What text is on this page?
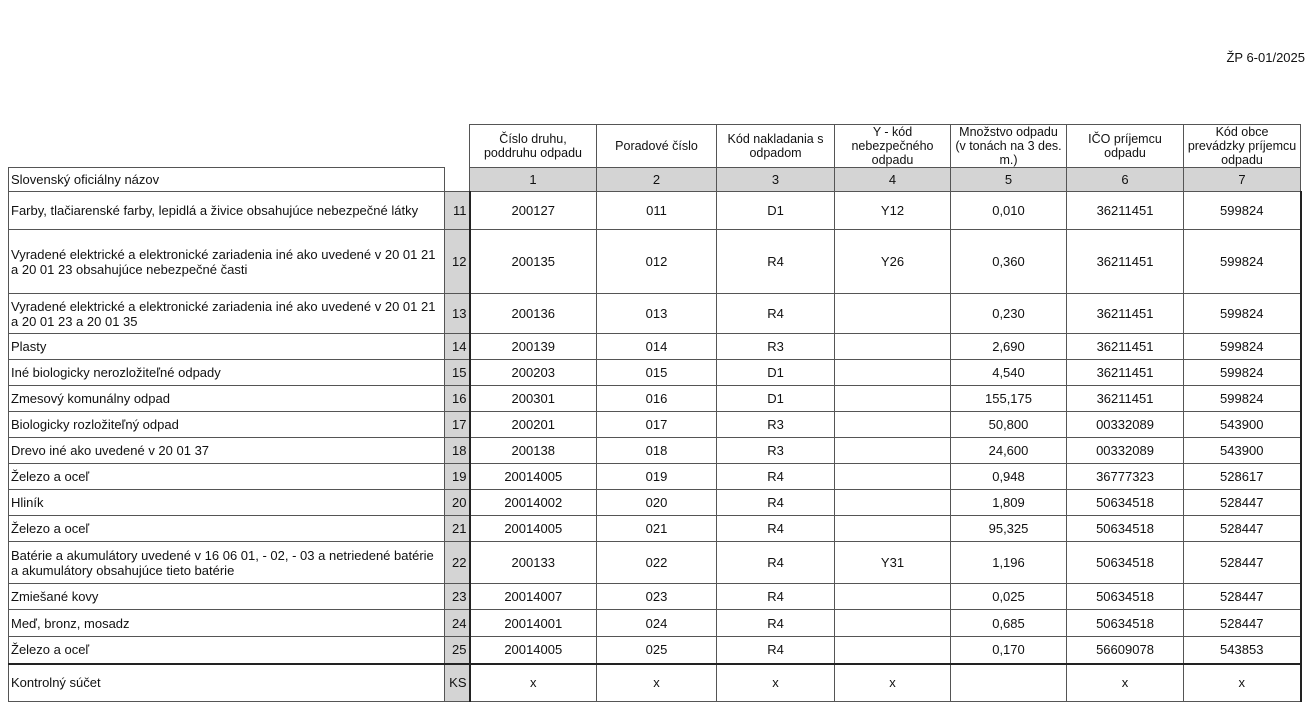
ŽP 6-01/2025
		Číslo druhu, poddruhu odpadu	Poradové číslo	Kód nakladania s odpadom	Y - kód nebezpečného odpadu	Množstvo odpadu (v tonách na 3 des. m.)	IČO príjemcu odpadu	Kód obce prevádzky príjemcu odpadu
Slovenský oficiálny názov		1	2	3	4	5	6	7
Farby, tlačiarenské farby, lepidlá a živice obsahujúce nebezpečné látky	11	200127	011	D1	Y12	0,010	36211451	599824
Vyradené elektrické a elektronické zariadenia iné ako uvedené v 20 01 21 a 20 01 23 obsahujúce nebezpečné časti	12	200135	012	R4	Y26	0,360	36211451	599824
Vyradené elektrické a elektronické zariadenia iné ako uvedené v 20 01 21 a 20 01 23 a 20 01 35	13	200136	013	R4		0,230	36211451	599824
Plasty	14	200139	014	R3		2,690	36211451	599824
Iné biologicky nerozložiteľné odpady	15	200203	015	D1		4,540	36211451	599824
Zmesový komunálny odpad	16	200301	016	D1		155,175	36211451	599824
Biologicky rozložiteľný odpad	17	200201	017	R3		50,800	00332089	543900
Drevo iné ako uvedené v 20 01 37	18	200138	018	R3		24,600	00332089	543900
Železo a oceľ	19	20014005	019	R4		0,948	36777323	528617
Hliník	20	20014002	020	R4		1,809	50634518	528447
Železo a oceľ	21	20014005	021	R4		95,325	50634518	528447
Batérie a akumulátory uvedené v 16 06 01, - 02, - 03 a netriedené batérie a akumulátory obsahujúce tieto batérie	22	200133	022	R4	Y31	1,196	50634518	528447
Zmiešané kovy	23	20014007	023	R4		0,025	50634518	528447
Meď, bronz, mosadz	24	20014001	024	R4		0,685	50634518	528447
Železo a oceľ	25	20014005	025	R4		0,170	56609078	543853
Kontrolný súčet	KS	x	x	x	x		x	x
